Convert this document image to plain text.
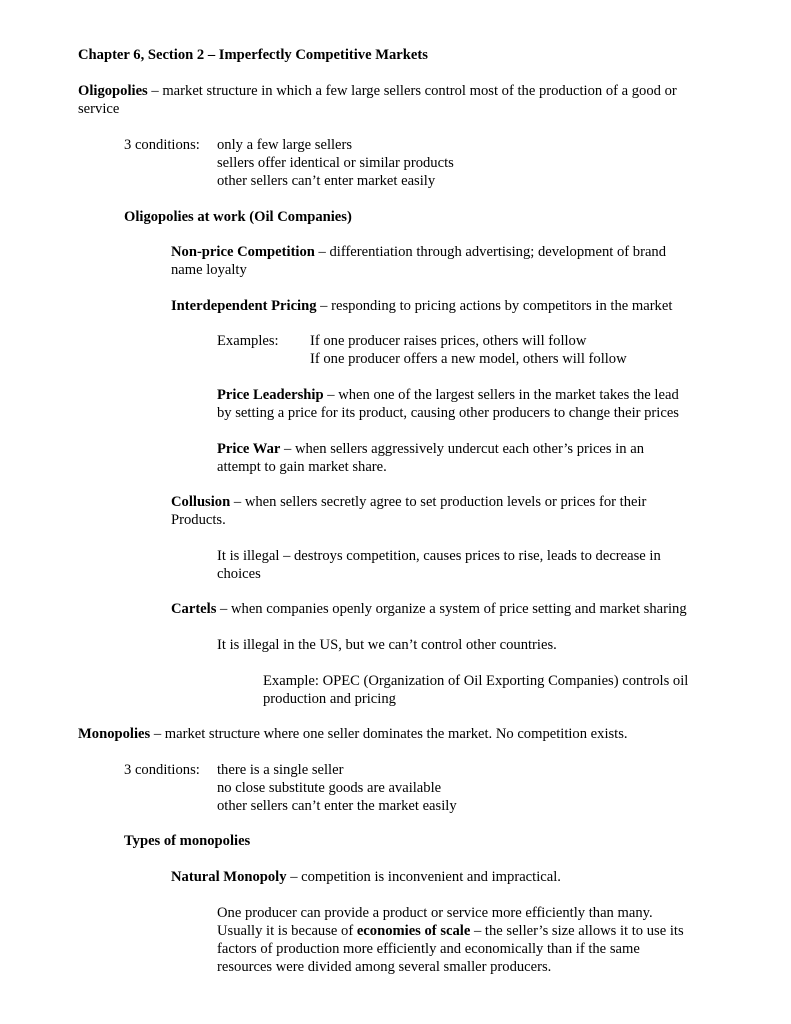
Chapter 6, Section 2 – Imperfectly Competitive Markets
Oligopolies – market structure in which a few large sellers control most of the production of a good or
service
3 conditions: only a few large sellers
sellers offer identical or similar products
other sellers can’t enter market easily
Oligopolies at work (Oil Companies)
Non-price Competition – differentiation through advertising; development of brand
name loyalty
Interdependent Pricing – responding to pricing actions by competitors in the market
Examples: If one producer raises prices, others will follow
If one producer offers a new model, others will follow
Price Leadership – when one of the largest sellers in the market takes the lead
by setting a price for its product, causing other producers to change their prices
Price War – when sellers aggressively undercut each other’s prices in an
attempt to gain market share.
Collusion – when sellers secretly agree to set production levels or prices for their
Products.
It is illegal – destroys competition, causes prices to rise, leads to decrease in
choices
Cartels – when companies openly organize a system of price setting and market sharing
It is illegal in the US, but we can’t control other countries.
Example: OPEC (Organization of Oil Exporting Companies) controls oil
production and pricing
Monopolies – market structure where one seller dominates the market. No competition exists.
3 conditions: there is a single seller
no close substitute goods are available
other sellers can’t enter the market easily
Types of monopolies
Natural Monopoly – competition is inconvenient and impractical.
One producer can provide a product or service more efficiently than many.
Usually it is because of economies of scale – the seller’s size allows it to use its
factors of production more efficiently and economically than if the same
resources were divided among several smaller producers.
